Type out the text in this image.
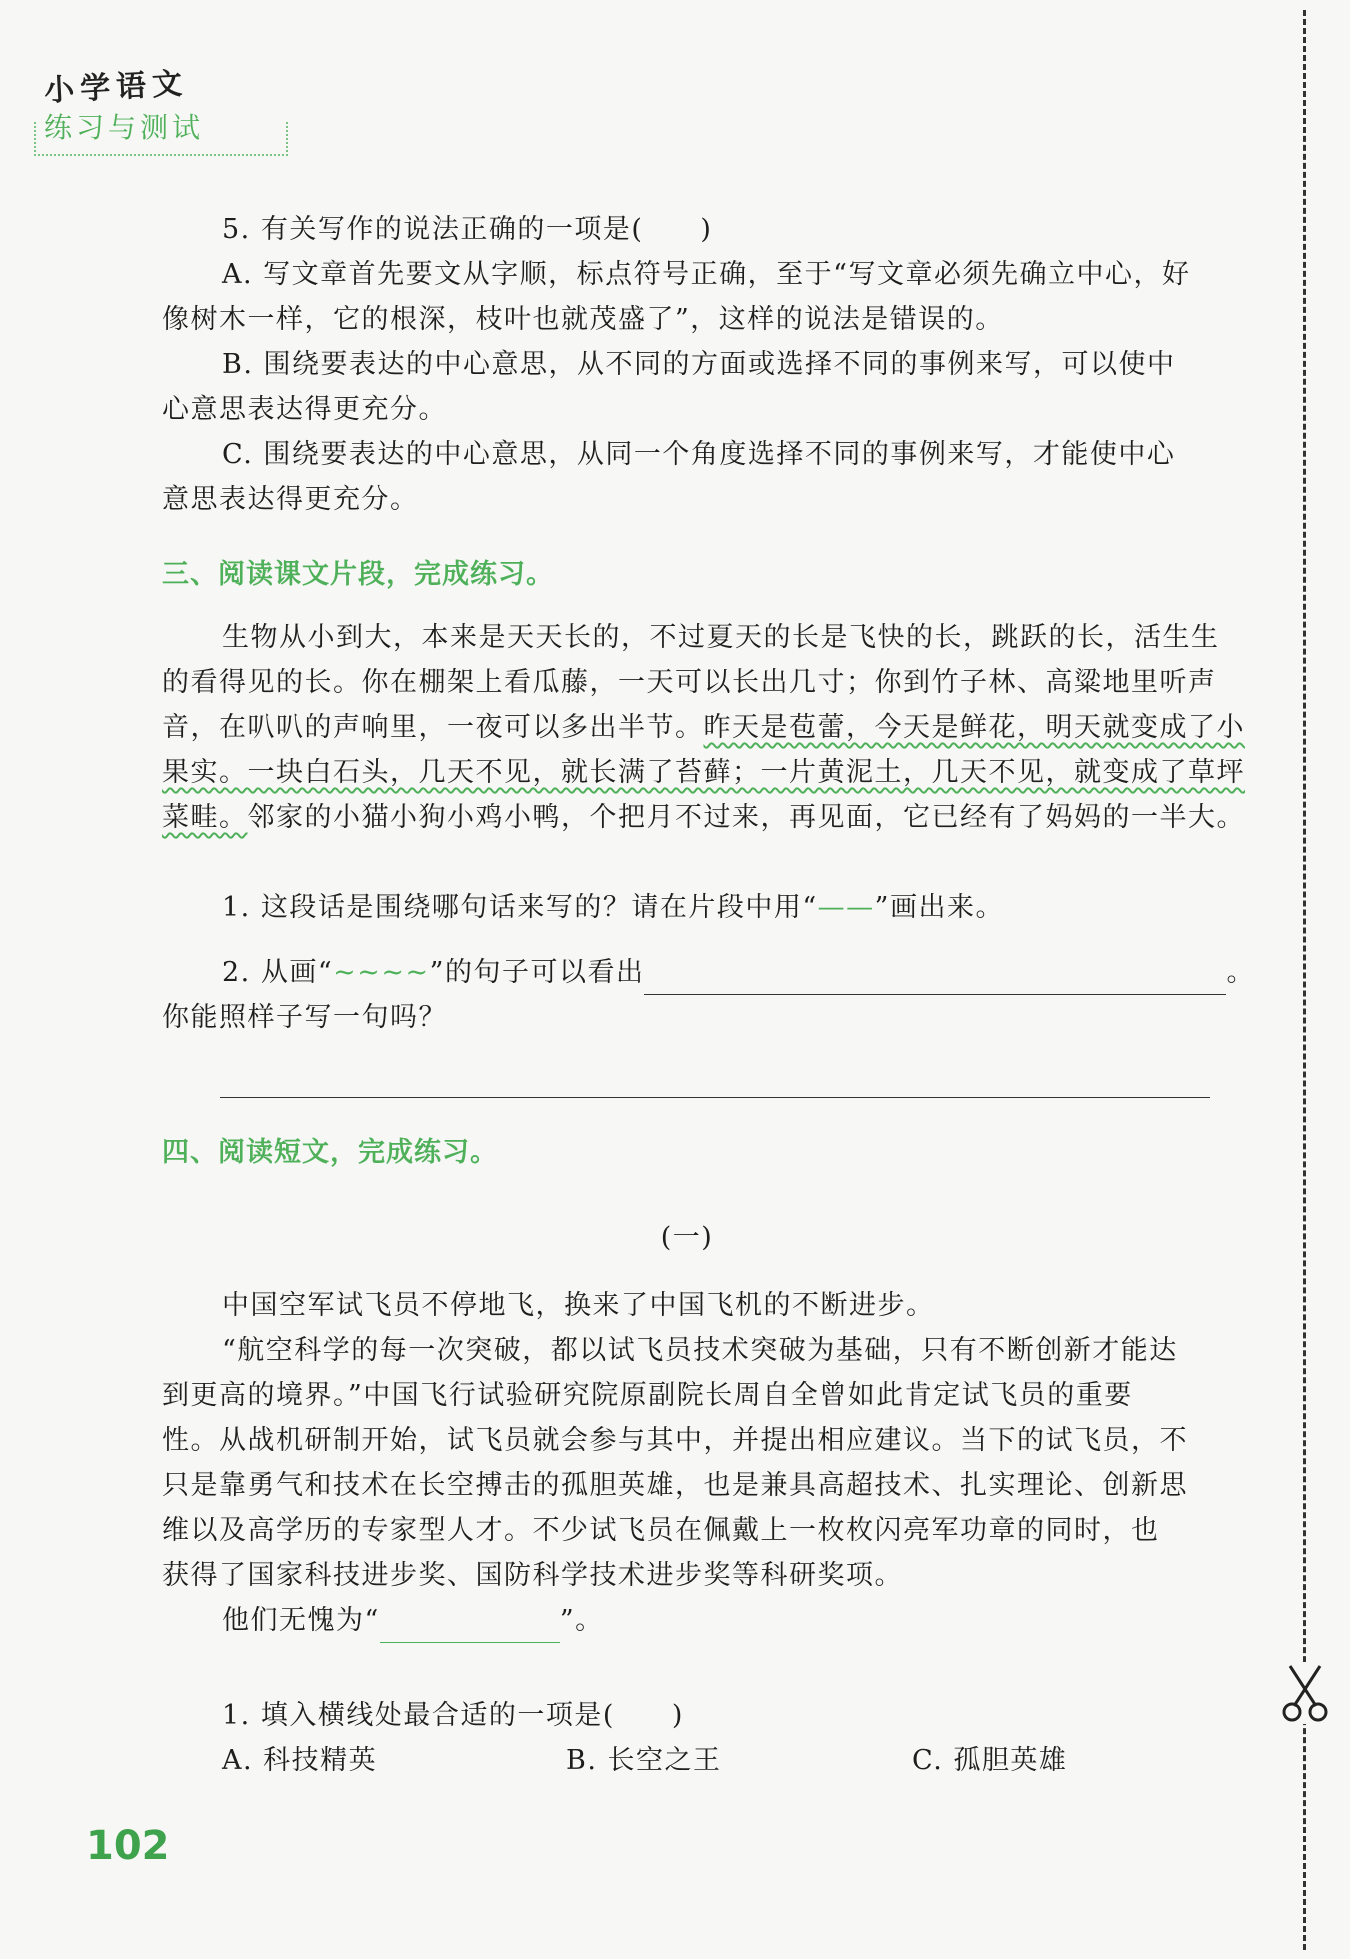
小学语文
练习与测试
5. 有关写作的说法正确的一项是(　　)
A. 写文章首先要文从字顺，标点符号正确，至于“写文章必须先确立中心，好
像树木一样，它的根深，枝叶也就茂盛了”，这样的说法是错误的。
B. 围绕要表达的中心意思，从不同的方面或选择不同的事例来写，可以使中
心意思表达得更充分。
C. 围绕要表达的中心意思，从同一个角度选择不同的事例来写，才能使中心
意思表达得更充分。
三、阅读课文片段，完成练习。
生物从小到大，本来是天天长的，不过夏天的长是飞快的长，跳跃的长，活生生
的看得见的长。你在棚架上看瓜藤，一天可以长出几寸；你到竹子林、高粱地里听声
音，在叭叭的声响里，一夜可以多出半节。昨天是苞蕾，今天是鲜花，明天就变成了小
果实。一块白石头，几天不见，就长满了苔藓；一片黄泥土，几天不见，就变成了草坪
菜畦。邻家的小猫小狗小鸡小鸭，个把月不过来，再见面，它已经有了妈妈的一半大。
1. 这段话是围绕哪句话来写的？请在片段中用“——”画出来。
2. 从画“~~~~”的句子可以看出	。
你能照样子写一句吗？
四、阅读短文，完成练习。
(一)
中国空军试飞员不停地飞，换来了中国飞机的不断进步。
“航空科学的每一次突破，都以试飞员技术突破为基础，只有不断创新才能达
到更高的境界。”中国飞行试验研究院原副院长周自全曾如此肯定试飞员的重要
性。从战机研制开始，试飞员就会参与其中，并提出相应建议。当下的试飞员，不
只是靠勇气和技术在长空搏击的孤胆英雄，也是兼具高超技术、扎实理论、创新思
维以及高学历的专家型人才。不少试飞员在佩戴上一枚枚闪亮军功章的同时，也
获得了国家科技进步奖、国防科学技术进步奖等科研奖项。
他们无愧为“	”。
1. 填入横线处最合适的一项是(　　)
A. 科技精英	B. 长空之王	C. 孤胆英雄
102
